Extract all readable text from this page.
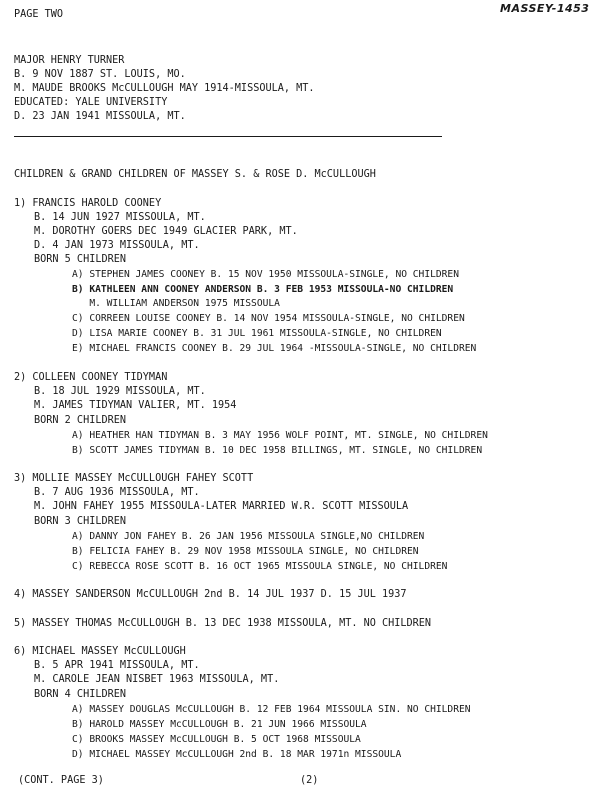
PAGE TWO	MASSEY-1453
MAJOR HENRY TURNER
B. 9 NOV 1887 ST. LOUIS, MO.
M. MAUDE BROOKS McCULLOUGH MAY 1914-MISSOULA, MT.
EDUCATED: YALE UNIVERSITY
D. 23 JAN 1941 MISSOULA, MT.
CHILDREN & GRAND CHILDREN OF MASSEY S. & ROSE D. McCULLOUGH
1) FRANCIS HAROLD COONEY
B. 14 JUN 1927 MISSOULA, MT.
M. DOROTHY GOERS DEC 1949 GLACIER PARK, MT.
D. 4 JAN 1973 MISSOULA, MT.
BORN 5 CHILDREN
A) STEPHEN JAMES COONEY B. 15 NOV 1950 MISSOULA-SINGLE, NO CHILDREN
B) KATHLEEN ANN COONEY ANDERSON B. 3 FEB 1953 MISSOULA-NO CHILDREN
M. WILLIAM ANDERSON 1975 MISSOULA
C) CORREEN LOUISE COONEY B. 14 NOV 1954 MISSOULA-SINGLE, NO CHILDREN
D) LISA MARIE COONEY B. 31 JUL 1961 MISSOULA-SINGLE, NO CHILDREN
E) MICHAEL FRANCIS COONEY B. 29 JUL 1964 -MISSOULA-SINGLE, NO CHILDREN
2) COLLEEN COONEY TIDYMAN
B. 18 JUL 1929 MISSOULA, MT.
M. JAMES TIDYMAN VALIER, MT. 1954
BORN 2 CHILDREN
A) HEATHER HAN TIDYMAN B. 3 MAY 1956 WOLF POINT, MT. SINGLE, NO CHILDREN
B) SCOTT JAMES TIDYMAN B. 10 DEC 1958 BILLINGS, MT. SINGLE, NO CHILDREN
3) MOLLIE MASSEY McCULLOUGH FAHEY SCOTT
B. 7 AUG 1936 MISSOULA, MT.
M. JOHN FAHEY 1955 MISSOULA-LATER MARRIED W.R. SCOTT MISSOULA
BORN 3 CHILDREN
A) DANNY JON FAHEY B. 26 JAN 1956 MISSOULA SINGLE,NO CHILDREN
B) FELICIA FAHEY B. 29 NOV 1958 MISSOULA SINGLE, NO CHILDREN
C) REBECCA ROSE SCOTT B. 16 OCT 1965 MISSOULA SINGLE, NO CHILDREN
4) MASSEY SANDERSON McCULLOUGH 2nd B. 14 JUL 1937 D. 15 JUL 1937
5) MASSEY THOMAS McCULLOUGH B. 13 DEC 1938 MISSOULA, MT. NO CHILDREN
6) MICHAEL MASSEY McCULLOUGH
B. 5 APR 1941 MISSOULA, MT.
M. CAROLE JEAN NISBET 1963 MISSOULA, MT.
BORN 4 CHILDREN
A) MASSEY DOUGLAS McCULLOUGH B. 12 FEB 1964 MISSOULA SIN. NO CHILDREN
B) HAROLD MASSEY McCULLOUGH B. 21 JUN 1966 MISSOULA
C) BROOKS MASSEY McCULLOUGH B. 5 OCT 1968 MISSOULA
D) MICHAEL MASSEY McCULLOUGH 2nd B. 18 MAR 1971n MISSOULA
(CONT. PAGE 3)	(2)
